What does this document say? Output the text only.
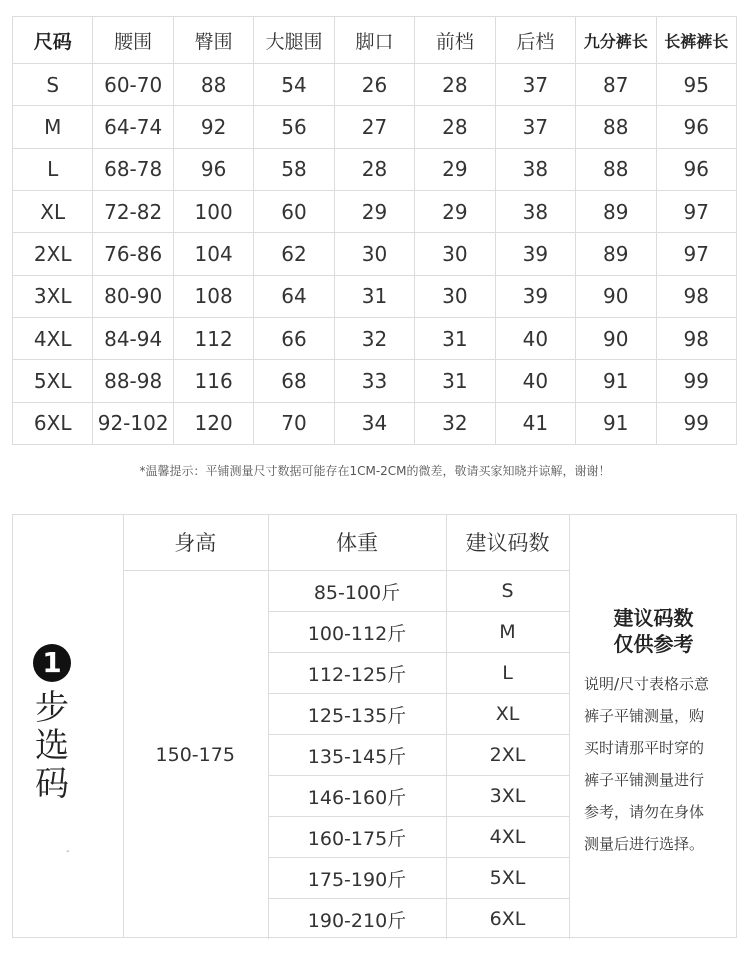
尺码	腰围	臀围	大腿围	脚口	前档	后档	九分裤长	长裤裤长
S	60-70	88	54	26	28	37	87	95
M	64-74	92	56	27	28	37	88	96
L	68-78	96	58	28	29	38	88	96
XL	72-82	100	60	29	29	38	89	97
2XL	76-86	104	62	30	30	39	89	97
3XL	80-90	108	64	31	30	39	90	98
4XL	84-94	112	66	32	31	40	90	98
5XL	88-98	116	68	33	31	40	91	99
6XL	92-102	120	70	34	32	41	91	99
*温馨提示：平铺测量尺寸数据可能存在1CM-2CM的微差，敬请买家知晓并谅解，谢谢！
1
步
选
码
-
身高	体重	建议码数
150-175	85-100斤	S
	100-112斤	M
	112-125斤	L
	125-135斤	XL
	135-145斤	2XL
	146-160斤	3XL
	160-175斤	4XL
	175-190斤	5XL
	190-210斤	6XL
建议码数
仅供参考
说明/尺寸表格示意
裤子平铺测量，购
买时请那平时穿的
裤子平铺测量进行
参考，请勿在身体
测量后进行选择。
